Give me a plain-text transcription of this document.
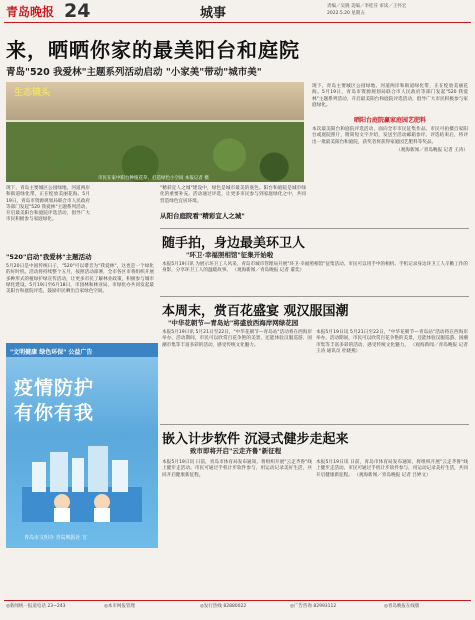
青岛晚报 24	城事	责编／吴晓 美编／李桂芬 审读／王怀宏
2022.5.20 星期五
来，晒晒你家的最美阳台和庭院
青岛"520 我爱林"主题系列活动启动 "小家美"带动"城市美"
生态镜头
市民在家中阳台种植花草，打造绿色小空间 本报记者 摄
现下，青岛主要城区公园绿地、河道两岸和街道绿化带，正在绽放美丽花海。5月19日，青岛市资源规划局联合市人民政府等部门发起"520 我爱林"主题系列活动，开启最美阳台和庭院评选活动，倡导广大市民积极参与家庭绿化。
"520"启动"我爱林"主题活动
5月20日是中国传统日子，"520"可以谐音为"我爱林"，这也是一个绿化的好时机。活动将持续整个五月，按照活动部署，全市各区市将组织开展多种形式的植绿护绿宣传活动，让更多市民了解林业政策，积极参与城市绿化建设。5月19日至6月18日，市园林和林业局、市绿化办共同发起最美阳台和庭院评选，鼓励市民晒出自家绿色空间。
"精彩宜人之城"建设中，绿色是城市最美的底色。阳台和庭院是城市绿化的重要补充。活动通过评选，让更多市民参与到家庭绿化之中，共同营造绿色宜居环境。
从阳台庭院看"精彩宜人之城"
现下，青岛主要城区公园绿地、河道两岸和街道绿化带，正在绽放美丽花海。5月19日，青岛市资源规划局联合市人民政府等部门发起"520 我爱林"主题系列活动，开启最美阳台和庭院评选活动，倡导广大市民积极参与家庭绿化。
晒阳台庭院赢家庭园艺肥料
本次最美阳台和庭院评选活动，面向全市市民征集作品。市民可拍摄自家阳台或庭院照片，附简短文字介绍，发送至活动邮箱参评。评选结束后，将评出一批最美阳台和庭院，获奖者将获得家庭园艺肥料等奖品。
（观海新闻／青岛晚报 记者 王涛）
随手拍，身边最美环卫人
"环卫·幸福照相馆"征集开始啦
本报5月19日讯 为展示环卫工人风采，青岛市城市管理局开展"环卫·幸福照相馆"征集活动。市民可以用手中的相机、手机记录身边环卫工人辛勤工作的身影，分享环卫工人的温暖故事。 （观海新闻／青岛晚报 记者 董奕）
本周末，赏百花盛宴 观汉服国潮
"中华花朝节—青岛站"将盛放西海岸网绿花园
本报5月19日讯 5月21日至22日，"中华花朝节—青岛站"活动将在西海岸举办。活动期间，市民可以欣赏百花争艳的美景，还能体验汉服巡游、国潮市集等丰富多彩的活动，感受传统文化魅力。
本报5月19日讯 5月21日至22日，"中华花朝节—青岛站"活动将在西海岸举办。活动期间，市民可以欣赏百花争艳的美景，还能体验汉服巡游、国潮市集等丰富多彩的活动，感受传统文化魅力。 （观海新闻／青岛晚报 记者 王涛 通讯员 杜晓燕）
嵌入计步软件 沉浸式健步走起来
致市即将开启"云走齐鲁"新征程
本报5月19日讯 日前，青岛市体育局发布通知，将组织开展"云走齐鲁"线上健步走活动。市民可通过手机计步软件参与，用运动记录美好生活，共同开启健康新征程。
本报5月19日讯 日前，青岛市体育局发布通知，将组织开展"云走齐鲁"线上健步走活动。市民可通过手机计步软件参与，用运动记录美好生活，共同开启健康新征程。 （观海新闻／青岛晚报 记者 吕婷文）
"文明健康 绿色环保" 公益广告
疫情防护
有你有我
青岛市文明办 青岛晚报社 宣
◎新闻统一报道电话 23~243	◎本市网报管理	◎发行热线 82880022	◎广告咨询 82993112	◎青岛晚报在线版
